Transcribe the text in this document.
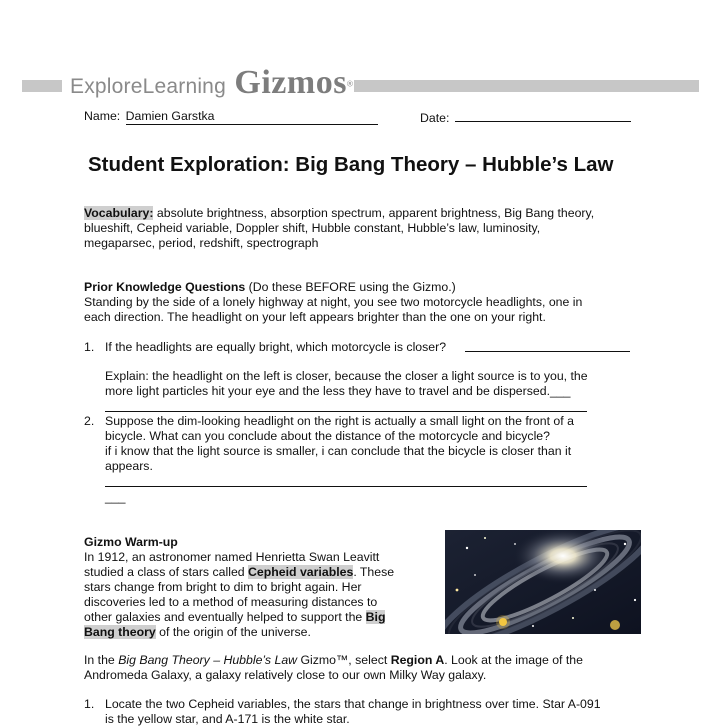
ExploreLearning Gizmos®
Name: Damien Garstka	Date:
Student Exploration: Big Bang Theory – Hubble’s Law
Vocabulary: absolute brightness, absorption spectrum, apparent brightness, Big Bang theory,
blueshift, Cepheid variable, Doppler shift, Hubble constant, Hubble’s law, luminosity,
megaparsec, period, redshift, spectrograph
Prior Knowledge Questions (Do these BEFORE using the Gizmo.)
Standing by the side of a lonely highway at night, you see two motorcycle headlights, one in
each direction. The headlight on your left appears brighter than the one on your right.
1. If the headlights are equally bright, which motorcycle is closer?
Explain: the headlight on the left is closer, because the closer a light source is to you, the
more light particles hit your eye and the less they have to travel and be dispersed.___
2. Suppose the dim-looking headlight on the right is actually a small light on the front of a
bicycle. What can you conclude about the distance of the motorcycle and bicycle?
if i know that the light source is smaller, i can conclude that the bicycle is closer than it
appears.
___
Gizmo Warm-up
In 1912, an astronomer named Henrietta Swan Leavitt
studied a class of stars called Cepheid variables. These
stars change from bright to dim to bright again. Her
discoveries led to a method of measuring distances to
other galaxies and eventually helped to support the Big
Bang theory of the origin of the universe.
In the Big Bang Theory – Hubble’s Law Gizmo™, select Region A. Look at the image of the
Andromeda Galaxy, a galaxy relatively close to our own Milky Way galaxy.
1. Locate the two Cepheid variables, the stars that change in brightness over time. Star A-091
is the yellow star, and A-171 is the white star.
